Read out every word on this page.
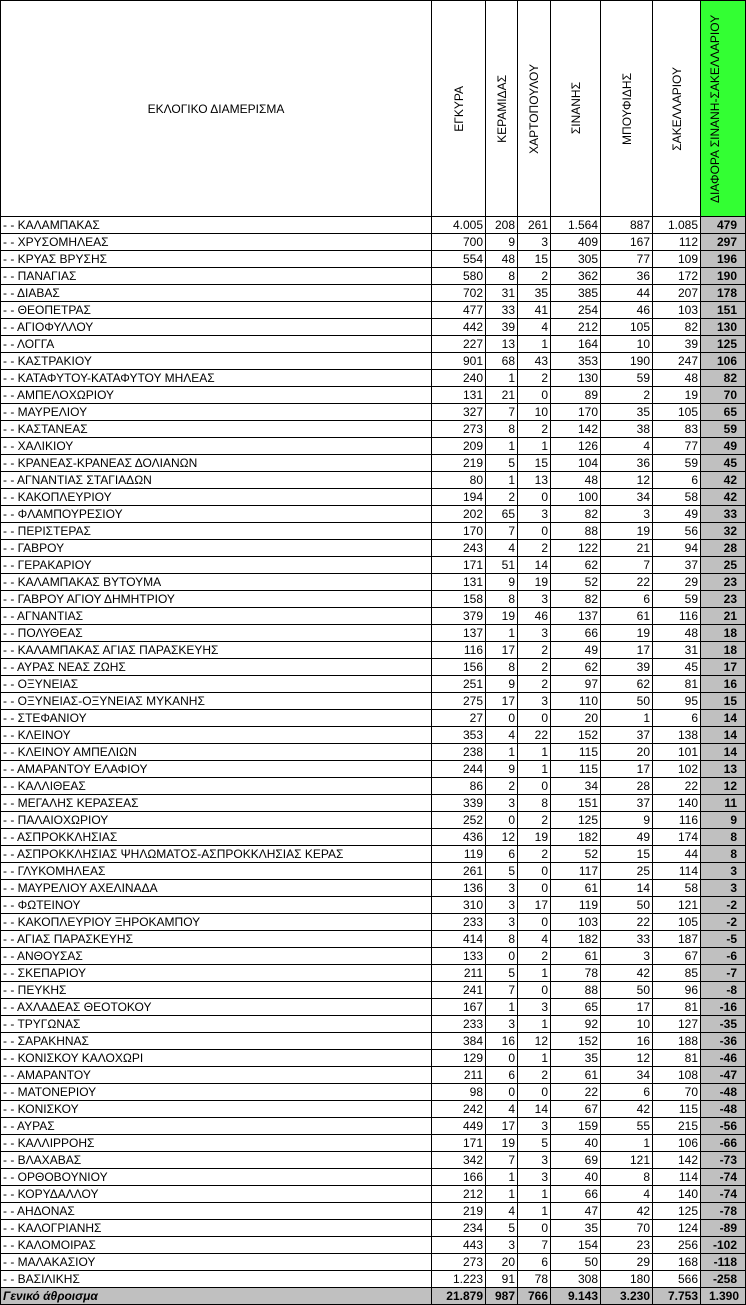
ΕΚΛΟΓΙΚΟ ΔΙΑΜΕΡΙΣΜΑ	ΕΓΚΥΡΑ	ΚΕΡΑΜΙΔΑΣ	ΧΑΡΤΟΠΟΥΛΟΥ	ΣΙΝΑΝΗΣ	ΜΠΟΥΦΙΔΗΣ	ΣΑΚΕΛΛΑΡΙΟΥ	ΔΙΑΦΟΡΑ ΣΙΝΑΝΗ-ΣΑΚΕΛΛΑΡΙΟΥ

- - ΚΑΛΑΜΠΑΚΑΣ	4.005	208	261	1.564	887	1.085	479
- - ΧΡΥΣΟΜΗΛΕΑΣ	700	9	3	409	167	112	297
- - ΚΡΥΑΣ ΒΡΥΣΗΣ	554	48	15	305	77	109	196
- - ΠΑΝΑΓΙΑΣ	580	8	2	362	36	172	190
- - ΔΙΑΒΑΣ	702	31	35	385	44	207	178
- - ΘΕΟΠΕΤΡΑΣ	477	33	41	254	46	103	151
- - ΑΓΙΟΦΥΛΛΟΥ	442	39	4	212	105	82	130
- - ΛΟΓΓΑ	227	13	1	164	10	39	125
- - ΚΑΣΤΡΑΚΙΟΥ	901	68	43	353	190	247	106
- - ΚΑΤΑΦΥΤΟΥ-ΚΑΤΑΦΥΤΟΥ ΜΗΛΕΑΣ	240	1	2	130	59	48	82
- - ΑΜΠΕΛΟΧΩΡΙΟΥ	131	21	0	89	2	19	70
- - ΜΑΥΡΕΛΙΟΥ	327	7	10	170	35	105	65
- - ΚΑΣΤΑΝΕΑΣ	273	8	2	142	38	83	59
- - ΧΑΛΙΚΙΟΥ	209	1	1	126	4	77	49
- - ΚΡΑΝΕΑΣ-ΚΡΑΝΕΑΣ ΔΟΛΙΑΝΩΝ	219	5	15	104	36	59	45
- - ΑΓΝΑΝΤΙΑΣ ΣΤΑΓΙΑΔΩΝ	80	1	13	48	12	6	42
- - ΚΑΚΟΠΛΕΥΡΙΟΥ	194	2	0	100	34	58	42
- - ΦΛΑΜΠΟΥΡΕΣΙΟΥ	202	65	3	82	3	49	33
- - ΠΕΡΙΣΤΕΡΑΣ	170	7	0	88	19	56	32
- - ΓΑΒΡΟΥ	243	4	2	122	21	94	28
- - ΓΕΡΑΚΑΡΙΟΥ	171	51	14	62	7	37	25
- - ΚΑΛΑΜΠΑΚΑΣ ΒΥΤΟΥΜΑ	131	9	19	52	22	29	23
- - ΓΑΒΡΟΥ ΑΓΙΟΥ ΔΗΜΗΤΡΙΟΥ	158	8	3	82	6	59	23
- - ΑΓΝΑΝΤΙΑΣ	379	19	46	137	61	116	21
- - ΠΟΛΥΘΕΑΣ	137	1	3	66	19	48	18
- - ΚΑΛΑΜΠΑΚΑΣ ΑΓΙΑΣ ΠΑΡΑΣΚΕΥΗΣ	116	17	2	49	17	31	18
- - ΑΥΡΑΣ ΝΕΑΣ ΖΩΗΣ	156	8	2	62	39	45	17
- - ΟΞΥΝΕΙΑΣ	251	9	2	97	62	81	16
- - ΟΞΥΝΕΙΑΣ-ΟΞΥΝΕΙΑΣ ΜΥΚΑΝΗΣ	275	17	3	110	50	95	15
- - ΣΤΕΦΑΝΙΟΥ	27	0	0	20	1	6	14
- - ΚΛΕΙΝΟΥ	353	4	22	152	37	138	14
- - ΚΛΕΙΝΟΥ ΑΜΠΕΛΙΩΝ	238	1	1	115	20	101	14
- - ΑΜΑΡΑΝΤΟΥ ΕΛΑΦΙΟΥ	244	9	1	115	17	102	13
- - ΚΑΛΛΙΘΕΑΣ	86	2	0	34	28	22	12
- - ΜΕΓΑΛΗΣ ΚΕΡΑΣΕΑΣ	339	3	8	151	37	140	11
- - ΠΑΛΑΙΟΧΩΡΙΟΥ	252	0	2	125	9	116	9
- - ΑΣΠΡΟΚΚΛΗΣΙΑΣ	436	12	19	182	49	174	8
- - ΑΣΠΡΟΚΚΛΗΣΙΑΣ ΨΗΛΩΜΑΤΟΣ-ΑΣΠΡΟΚΚΛΗΣΙΑΣ ΚΕΡΑΣ	119	6	2	52	15	44	8
- - ΓΛΥΚΟΜΗΛΕΑΣ	261	5	0	117	25	114	3
- - ΜΑΥΡΕΛΙΟΥ ΑΧΕΛΙΝΑΔΑ	136	3	0	61	14	58	3
- - ΦΩΤΕΙΝΟΥ	310	3	17	119	50	121	-2
- - ΚΑΚΟΠΛΕΥΡΙΟΥ ΞΗΡΟΚΑΜΠΟΥ	233	3	0	103	22	105	-2
- - ΑΓΙΑΣ ΠΑΡΑΣΚΕΥΗΣ	414	8	4	182	33	187	-5
- - ΑΝΘΟΥΣΑΣ	133	0	2	61	3	67	-6
- - ΣΚΕΠΑΡΙΟΥ	211	5	1	78	42	85	-7
- - ΠΕΥΚΗΣ	241	7	0	88	50	96	-8
- - ΑΧΛΑΔΕΑΣ ΘΕΟΤΟΚΟΥ	167	1	3	65	17	81	-16
- - ΤΡΥΓΩΝΑΣ	233	3	1	92	10	127	-35
- - ΣΑΡΑΚΗΝΑΣ	384	16	12	152	16	188	-36
- - ΚΟΝΙΣΚΟΥ ΚΑΛΟΧΩΡΙ	129	0	1	35	12	81	-46
- - ΑΜΑΡΑΝΤΟΥ	211	6	2	61	34	108	-47
- - ΜΑΤΟΝΕΡΙΟΥ	98	0	0	22	6	70	-48
- - ΚΟΝΙΣΚΟΥ	242	4	14	67	42	115	-48
- - ΑΥΡΑΣ	449	17	3	159	55	215	-56
- - ΚΑΛΛΙΡΡΟΗΣ	171	19	5	40	1	106	-66
- - ΒΛΑΧΑΒΑΣ	342	7	3	69	121	142	-73
- - ΟΡΘΟΒΟΥΝΙΟΥ	166	1	3	40	8	114	-74
- - ΚΟΡΥΔΑΛΛΟΥ	212	1	1	66	4	140	-74
- - ΑΗΔΟΝΑΣ	219	4	1	47	42	125	-78
- - ΚΑΛΟΓΡΙΑΝΗΣ	234	5	0	35	70	124	-89
- - ΚΑΛΟΜΟΙΡΑΣ	443	3	7	154	23	256	-102
- - ΜΑΛΑΚΑΣΙΟΥ	273	20	6	50	29	168	-118
- - ΒΑΣΙΛΙΚΗΣ	1.223	91	78	308	180	566	-258
Γενικό άθροισμα	21.879	987	766	9.143	3.230	7.753	1.390
